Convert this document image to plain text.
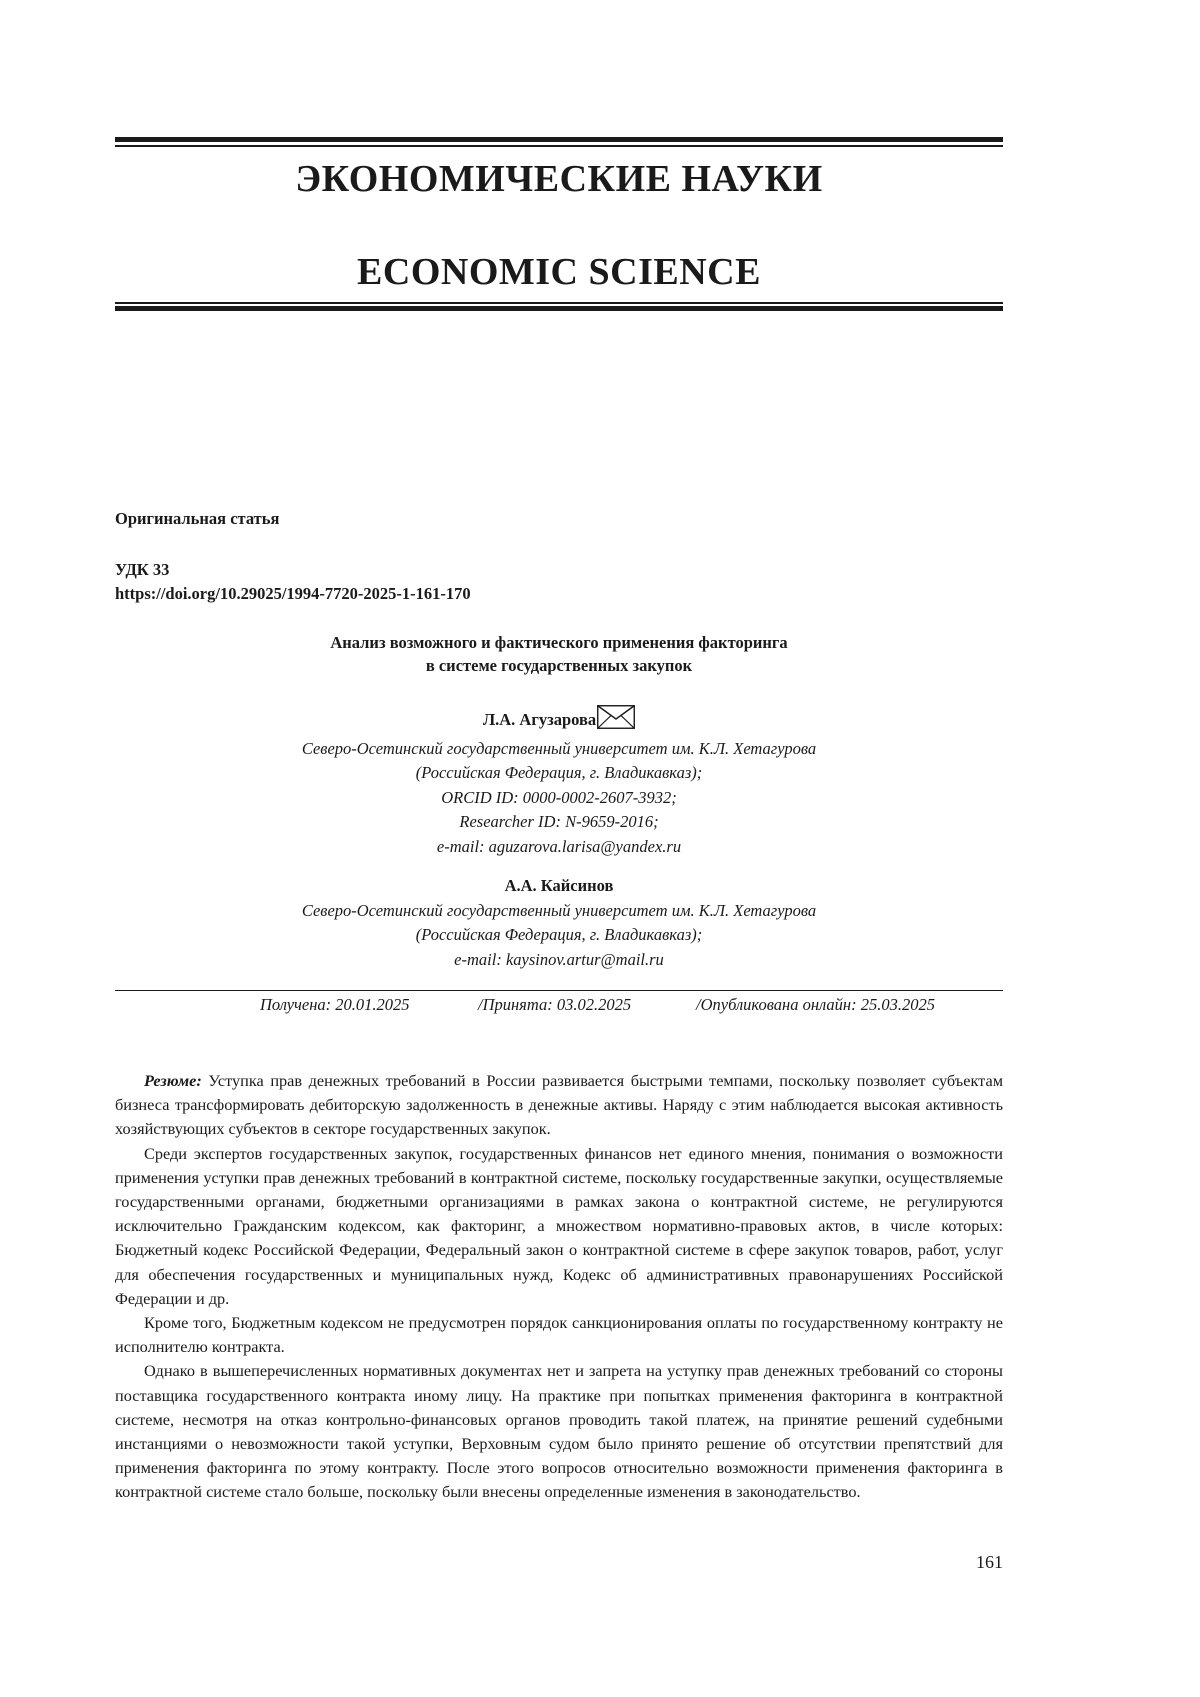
ЭКОНОМИЧЕСКИЕ НАУКИ
ECONOMIC SCIENCE
Оригинальная статья
УДК 33
https://doi.org/10.29025/1994-7720-2025-1-161-170
Анализ возможного и фактического применения факторинга
в системе государственных закупок
Л.А. Агузарова
Северо-Осетинский государственный университет им. К.Л. Хетагурова
(Российская Федерация, г. Владикавказ);
ORCID ID: 0000-0002-2607-3932;
Researcher ID: N-9659-2016;
e-mail: aguzarova.larisa@yandex.ru
А.А. Кайсинов
Северо-Осетинский государственный университет им. К.Л. Хетагурова
(Российская Федерация, г. Владикавказ);
e-mail: kaysinov.artur@mail.ru
Получена: 20.01.2025	/Принята: 03.02.2025	/Опубликована онлайн: 25.03.2025

Резюме: Уступка прав денежных требований в России развивается быстрыми темпами, поскольку позволяет субъектам бизнеса трансформировать дебиторскую задолженность в денежные активы. Наряду с этим наблюдается высокая активность хозяйствующих субъектов в секторе государственных закупок.

Среди экспертов государственных закупок, государственных финансов нет единого мнения, понимания о возможности применения уступки прав денежных требований в контрактной системе, поскольку государственные закупки, осуществляемые государственными органами, бюджетными организациями в рамках закона о контрактной системе, не регулируются исключительно Гражданским кодексом, как факторинг, а множеством нормативно-правовых актов, в числе которых: Бюджетный кодекс Российской Федерации, Федеральный закон о контрактной системе в сфере закупок товаров, работ, услуг для обеспечения государственных и муниципальных нужд, Кодекс об административных правонарушениях Российской Федерации и др.

Кроме того, Бюджетным кодексом не предусмотрен порядок санкционирования оплаты по государственному контракту не исполнителю контракта.

Однако в вышеперечисленных нормативных документах нет и запрета на уступку прав денежных требований со стороны поставщика государственного контракта иному лицу. На практике при попытках применения факторинга в контрактной системе, несмотря на отказ контрольно-финансовых органов проводить такой платеж, на принятие решений судебными инстанциями о невозможности такой уступки, Верховным судом было принято решение об отсутствии препятствий для применения факторинга по этому контракту. После этого вопросов относительно возможности применения факторинга в контрактной системе стало больше, поскольку были внесены определенные изменения в законодательство.

161
